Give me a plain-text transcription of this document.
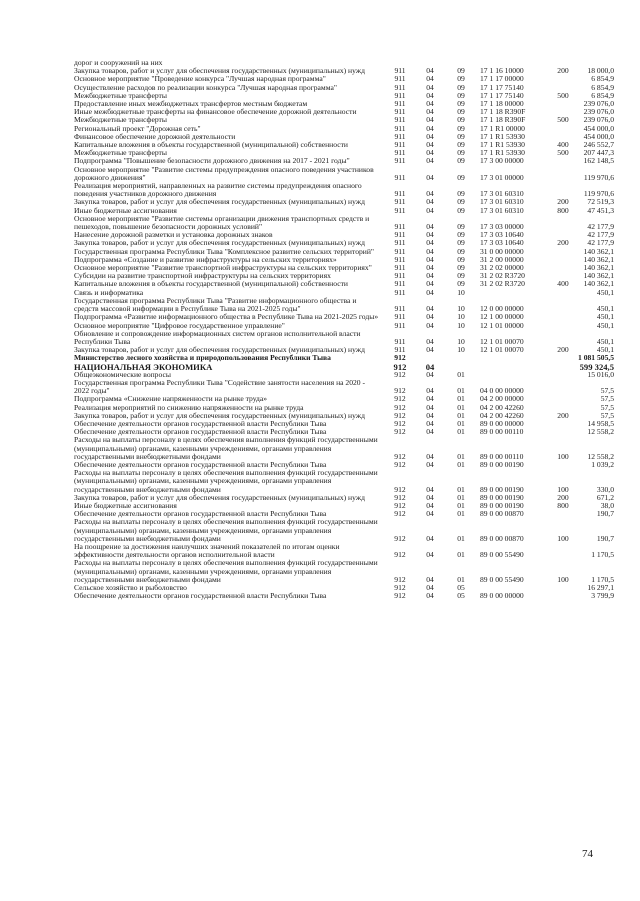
дорог и сооружений на них						
Закупка товаров, работ и услуг для обеспечения государственных (муниципальных) нужд	911	04	09	17 1 16 10000	200	18 000,0
Основное мероприятие "Проведение конкурса "Лучшая народная программа"	911	04	09	17 1 17 00000		6 854,9
Осуществление расходов по реализации конкурса "Лучшая народная программа"	911	04	09	17 1 17 75140		6 854,9
Межбюджетные трансферты	911	04	09	17 1 17 75140	500	6 854,9
Предоставление иных межбюджетных трансфертов местным бюджетам	911	04	09	17 1 18 00000		239 076,0
Иные межбюджетные трансферты на финансовое обеспечение дорожной деятельности	911	04	09	17 1 18 R390F		239 076,0
Межбюджетные трансферты	911	04	09	17 1 18 R390F	500	239 076,0
Региональный проект "Дорожная сеть"	911	04	09	17 1 R1 00000		454 000,0
Финансовое обеспечение дорожной деятельности	911	04	09	17 1 R1 53930		454 000,0
Капитальные вложения в объекты государственной (муниципальной) собственности	911	04	09	17 1 R1 53930	400	246 552,7
Межбюджетные трансферты	911	04	09	17 1 R1 53930	500	207 447,3
Подпрограмма "Повышение безопасности дорожного движения на 2017 - 2021 годы"	911	04	09	17 3 00 00000		162 148,5
Основное мероприятие "Развитие системы предупреждения опасного поведения участников дорожного движения"	911	04	09	17 3 01 00000		119 970,6
Реализация мероприятий, направленных на развитие системы предупреждения опасного поведения участников дорожного движения	911	04	09	17 3 01 60310		119 970,6
Закупка товаров, работ и услуг для обеспечения государственных (муниципальных) нужд	911	04	09	17 3 01 60310	200	72 519,3
Иные бюджетные ассигнования	911	04	09	17 3 01 60310	800	47 451,3
Основное мероприятие "Развитие системы организации движения транспортных средств и пешеходов, повышение безопасности дорожных условий"	911	04	09	17 3 03 00000		42 177,9
Нанесение дорожной разметки и установка дорожных знаков	911	04	09	17 3 03 10640		42 177,9
Закупка товаров, работ и услуг для обеспечения государственных (муниципальных) нужд	911	04	09	17 3 03 10640	200	42 177,9
Государственная программа Республики Тыва "Комплексное развитие сельских территорий"	911	04	09	31 0 00 00000		140 362,1
Подпрограмма «Создание и развитие инфраструктуры на сельских территориях»	911	04	09	31 2 00 00000		140 362,1
Основное мероприятие "Развитие транспортной инфраструктуры на сельских территориях"	911	04	09	31 2 02 00000		140 362,1
Субсидии на развитие транспортной инфраструктуры на сельских территориях	911	04	09	31 2 02 R3720		140 362,1
Капитальные вложения в объекты государственной (муниципальной) собственности	911	04	09	31 2 02 R3720	400	140 362,1
Связь и информатика	911	04	10			450,1
Государственная программа Республики Тыва "Развитие информационного общества и средств массовой информации в Республике Тыва на 2021-2025 годы"	911	04	10	12 0 00 00000		450,1
Подпрограмма «Развитие информационного общества в Республике Тыва на 2021-2025 годы»	911	04	10	12 1 00 00000		450,1
Основное мероприятие "Цифровое государственное управление"	911	04	10	12 1 01 00000		450,1
Обновление и сопровождение информационных систем органов исполнительной власти Республики Тыва	911	04	10	12 1 01 00070		450,1
Закупка товаров, работ и услуг для обеспечения государственных (муниципальных) нужд	911	04	10	12 1 01 00070	200	450,1
Министерство лесного хозяйства и природопользования Республики Тыва	912					1 081 505,5
НАЦИОНАЛЬНАЯ ЭКОНОМИКА	912	04				599 324,5
Общеэкономические вопросы	912	04	01			15 016,0
Государственная программа Республики Тыва "Содействие занятости населения на 2020 - 2022 годы"	912	04	01	04 0 00 00000		57,5
Подпрограмма «Снижение напряженности на рынке труда»	912	04	01	04 2 00 00000		57,5
Реализация мероприятий по снижению напряженности на рынке труда	912	04	01	04 2 00 42260		57,5
Закупка товаров, работ и услуг для обеспечения государственных (муниципальных) нужд	912	04	01	04 2 00 42260	200	57,5
Обеспечение деятельности органов государственной власти Республики Тыва	912	04	01	89 0 00 00000		14 958,5
Обеспечение деятельности органов государственной власти Республики Тыва	912	04	01	89 0 00 00110		12 558,2
Расходы на выплаты персоналу в целях обеспечения выполнения функций государственными (муниципальными) органами, казенными учреждениями, органами управления государственными внебюджетными фондами	912	04	01	89 0 00 00110	100	12 558,2
Обеспечение деятельности органов государственной власти Республики Тыва	912	04	01	89 0 00 00190		1 039,2
Расходы на выплаты персоналу в целях обеспечения выполнения функций государственными (муниципальными) органами, казенными учреждениями, органами управления государственными внебюджетными фондами	912	04	01	89 0 00 00190	100	330,0
Закупка товаров, работ и услуг для обеспечения государственных (муниципальных) нужд	912	04	01	89 0 00 00190	200	671,2
Иные бюджетные ассигнования	912	04	01	89 0 00 00190	800	38,0
Обеспечение деятельности органов государственной власти Республики Тыва	912	04	01	89 0 00 00870		190,7
Расходы на выплаты персоналу в целях обеспечения выполнения функций государственными (муниципальными) органами, казенными учреждениями, органами управления государственными внебюджетными фондами	912	04	01	89 0 00 00870	100	190,7
На поощрение за достижения наилучших значений показателей по итогам оценки эффективности деятельности органов исполнительной власти	912	04	01	89 0 00 55490		1 170,5
Расходы на выплаты персоналу в целях обеспечения выполнения функций государственными (муниципальными) органами, казенными учреждениями, органами управления государственными внебюджетными фондами	912	04	01	89 0 00 55490	100	1 170,5
Сельское хозяйство и рыболовство	912	04	05			16 297,1
Обеспечение деятельности органов государственной власти Республики Тыва	912	04	05	89 0 00 00000		3 799,9
74
